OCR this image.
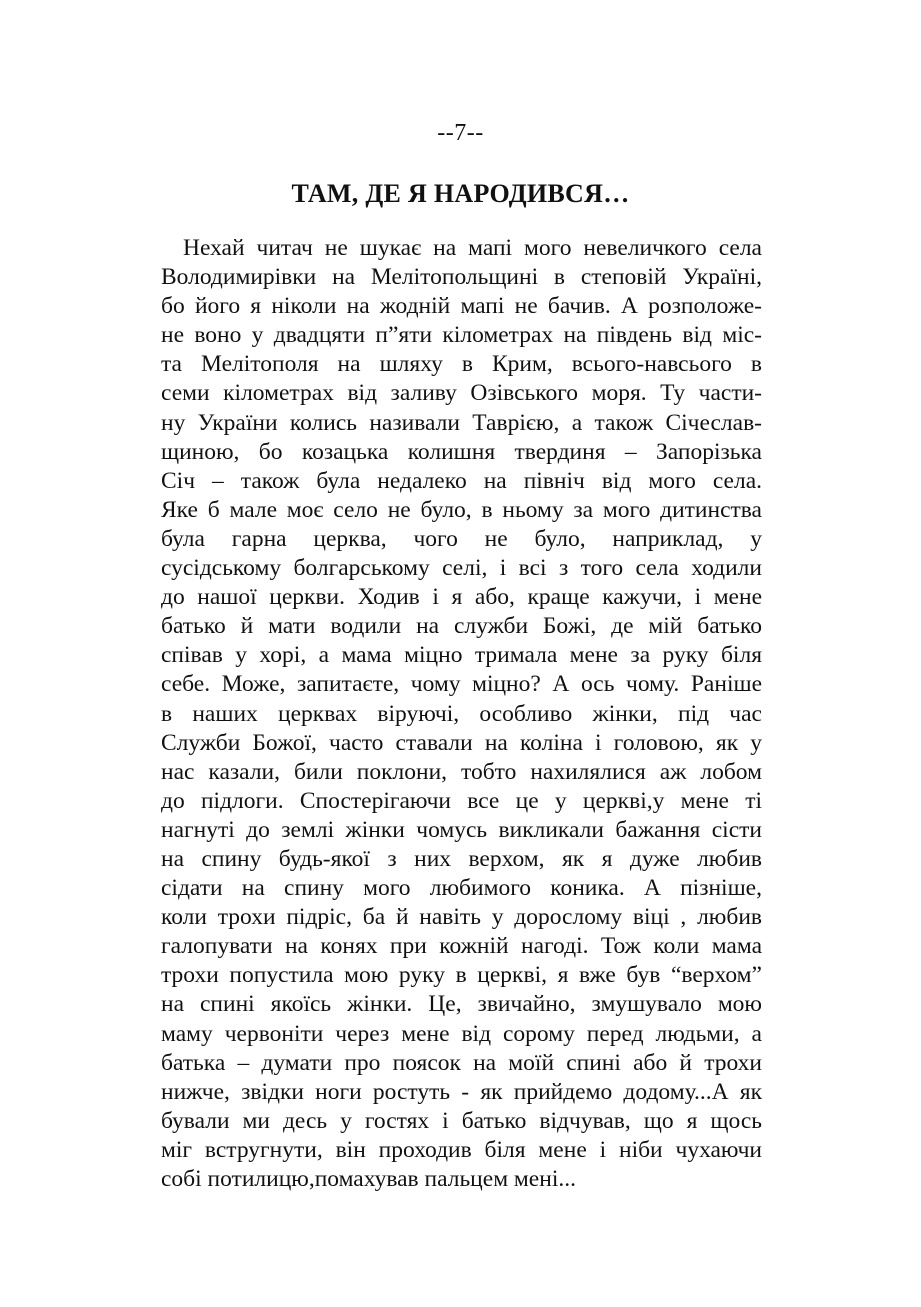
--7--
ТАМ, ДЕ Я НАРОДИВСЯ…
Нехай читач не шукає на мапі мого невеличкого села
Володимирівки на Мелітопольщині в степовій Україні,
бо його я ніколи на жодній мапі не бачив. А розположе-
не воно у двадцяти п”яти кілометрах на південь від міс-
та Мелітополя на шляху в Крим, всього-навсього в
семи кілометрах від заливу Озівського моря. Ту части-
ну України колись називали Таврією, а також Січеслав-
щиною, бо козацька колишня твердиня – Запорізька
Січ – також була недалеко на північ від мого села.
Яке б мале моє село не було, в ньому за мого дитинства
була гарна церква, чого не було, наприклад, у
сусідському болгарському селі, і всі з того села ходили
до нашої церкви. Ходив і я або, краще кажучи, і мене
батько й мати водили на служби Божі, де мій батько
співав у хорі, а мама міцно тримала мене за руку біля
себе. Може, запитаєте, чому міцно? А ось чому. Раніше
в наших церквах віруючі, особливо жінки, під час
Служби Божої, часто ставали на коліна і головою, як у
нас казали, били поклони, тобто нахилялися аж лобом
до підлоги. Спостерігаючи все це у церкві,у мене ті
нагнуті до землі жінки чомусь викликали бажання сісти
на спину будь-якої з них верхом, як я дуже любив
сідати на спину мого любимого коника. А пізніше,
коли трохи підріс, ба й навіть у дорослому віці , любив
галопувати на конях при кожній нагоді. Тож коли мама
трохи попустила мою руку в церкві, я вже був “верхом”
на спині якоїсь жінки. Це, звичайно, змушувало мою
маму червоніти через мене від сорому перед людьми, а
батька – думати про поясок на моїй спині або й трохи
нижче, звідки ноги ростуть - як прийдемо додому...А як
бували ми десь у гостях і батько відчував, що я щось
міг встругнути, він проходив біля мене і ніби чухаючи
собі потилицю,помахував пальцем мені...
